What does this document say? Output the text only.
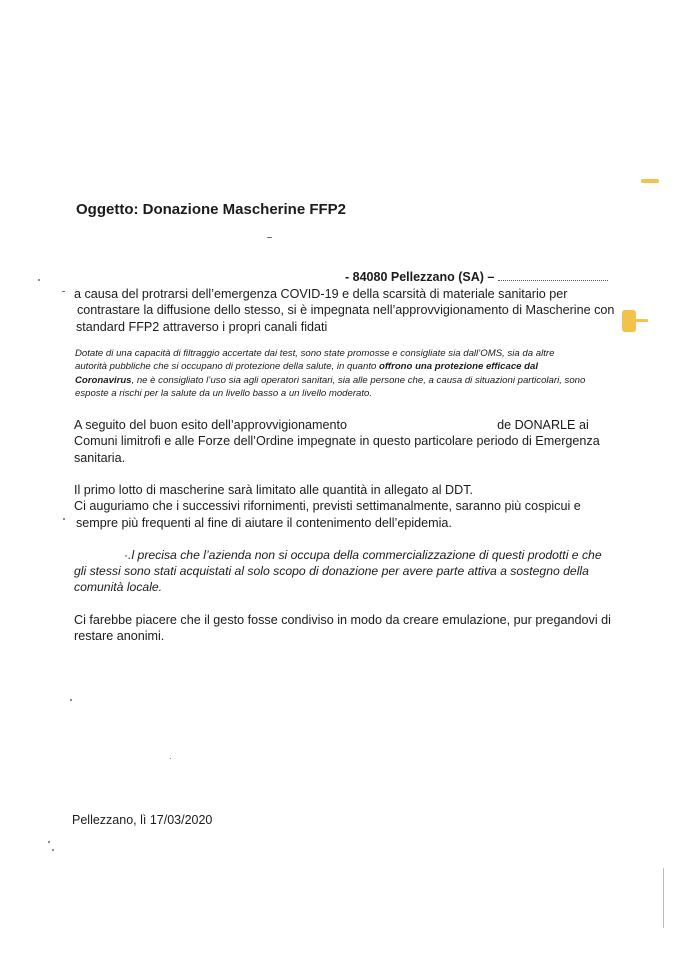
Oggetto: Donazione Mascherine FFP2
- 84080 Pellezzano (SA) –
a causa del protrarsi dell’emergenza COVID-19 e della scarsità di materiale sanitario per
contrastare la diffusione dello stesso, si è impegnata nell’approvvigionamento di Mascherine con
standard FFP2 attraverso i propri canali fidati
Dotate di una capacità di filtraggio accertate dai test, sono state promosse e consigliate sia dall’OMS, sia da altre
autorità pubbliche che si occupano di protezione della salute, in quanto offrono una protezione efficace dal
Coronavirus, ne è consigliato l’uso sia agli operatori sanitari, sia alle persone che, a causa di situazioni particolari, sono
esposte a rischi per la salute da un livello basso a un livello moderato.
A seguito del buon esito dell’approvvigionamento	de DONARLE ai
Comuni limitrofi e alle Forze dell’Ordine impegnate in questo particolare periodo di Emergenza
sanitaria.
Il primo lotto di mascherine sarà limitato alle quantità in allegato al DDT.
Ci auguriamo che i successivi rifornimenti, previsti settimanalmente, saranno più cospicui e
sempre più frequenti al fine di aiutare il contenimento dell’epidemia.
·.l precisa che l’azienda non si occupa della commercializzazione di questi prodotti e che
gli stessi sono stati acquistati al solo scopo di donazione per avere parte attiva a sostegno della
comunità locale.
Ci farebbe piacere che il gesto fosse condiviso in modo da creare emulazione, pur pregandovi di
restare anonimi.
Pellezzano, lì 17/03/2020
